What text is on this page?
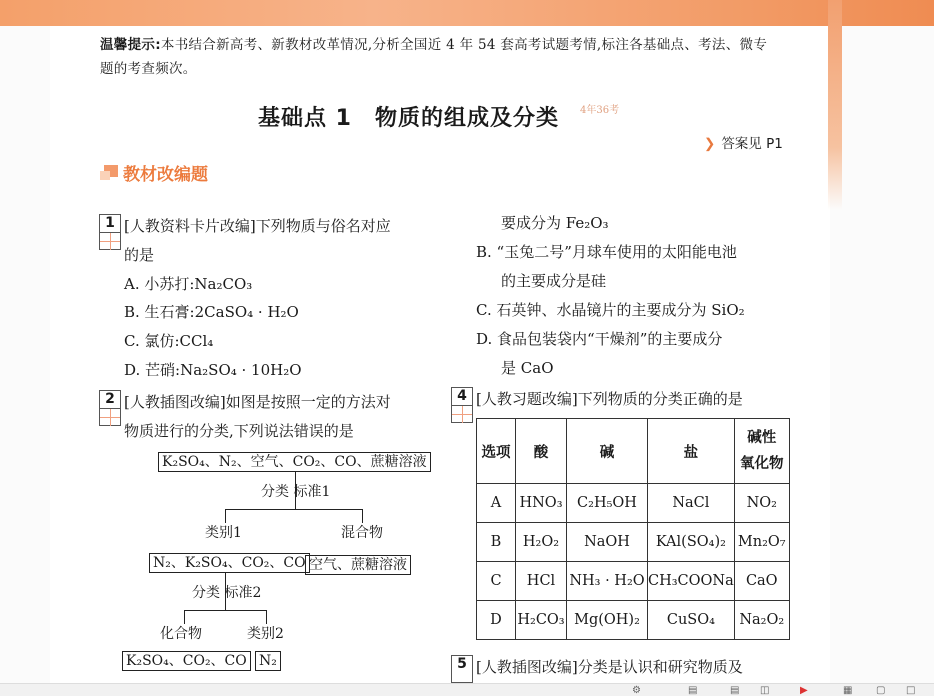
温馨提示:本书结合新高考、新教材改革情况,分析全国近 4 年 54 套高考试题考情,标注各基础点、考法、微专
题的考查频次。
基础点 1　物质的组成及分类 4年36考
❯ 答案见 P1
教材改编题
1 [人教资料卡片改编]下列物质与俗名对应
的是
A. 小苏打:Na₂CO₃
B. 生石膏:2CaSO₄ · H₂O
C. 氯仿:CCl₄
D. 芒硝:Na₂SO₄ · 10H₂O
2 [人教插图改编]如图是按照一定的方法对
物质进行的分类,下列说法错误的是
K₂SO₄、N₂、空气、CO₂、CO、蔗糖溶液
分类 标准1
类别1	混合物
N₂、K₂SO₄、CO₂、CO 空气、蔗糖溶液
分类 标准2
化合物	类别2
K₂SO₄、CO₂、CO N₂
要成分为 Fe₂O₃
B. “玉兔二号”月球车使用的太阳能电池
的主要成分是硅
C. 石英钟、水晶镜片的主要成分为 SiO₂
D. 食品包装袋内“干燥剂”的主要成分
是 CaO
4 [人教习题改编]下列物质的分类正确的是
选项	酸	碱	盐	碱性
氧化物
A	HNO₃	C₂H₅OH	NaCl	NO₂
B	H₂O₂	NaOH	KAl(SO₄)₂	Mn₂O₇
C	HCl	NH₃ · H₂O	CH₃COONa	CaO
D	H₂CO₃	Mg(OH)₂	CuSO₄	Na₂O₂
5 [人教插图改编]分类是认识和研究物质及
⚙	▤	▤ ◫	▶	▦ ▢ □
